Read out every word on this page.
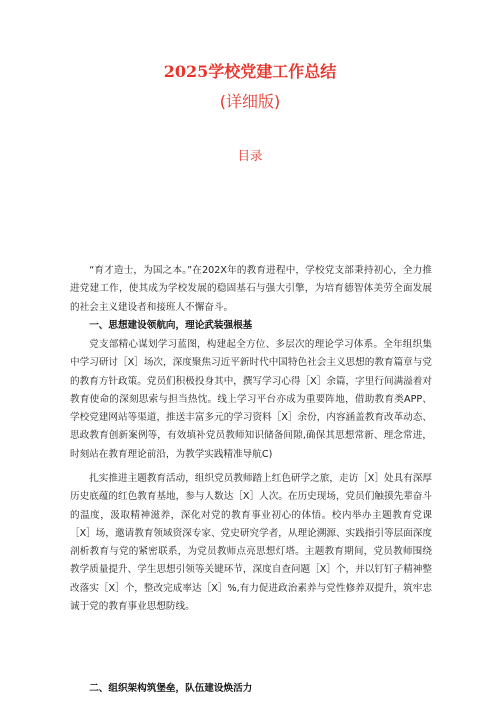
2025学校党建工作总结
(详细版)
目录

“育才造士，为国之本。”在202X年的教育进程中，学校党支部秉持初心，全力推进党建工作，使其成为学校发展的稳固基石与强大引擎，为培育德智体美劳全面发展的社会主义建设者和接班人不懈奋斗。

一、思想建设领航向，理论武装强根基

党支部精心谋划学习蓝图，构建起全方位、多层次的理论学习体系。全年组织集中学习研讨［X］场次，深度聚焦习近平新时代中国特色社会主义思想的教育篇章与党的教育方针政策。党员们积极投身其中，撰写学习心得［X］余篇，字里行间满溢着对教育使命的深刻思索与担当热忱。线上学习平台亦成为重要阵地，借助教育类APP、学校党建网站等渠道，推送丰富多元的学习资料［X］余份，内容涵盖教育改革动态、思政教育创新案例等，有效填补党员教师知识储备间隙,确保其思想常新、理念常进，时刻站在教育理论前沿，为教学实践精准导航C)

扎实推进主题教育活动，组织党员教师踏上红色研学之旅，走访［X］处具有深厚历史底蕴的红色教育基地，参与人数达［X］人次。在历史现场，党员们触摸先辈奋斗的温度，汲取精神滋养，深化对党的教育事业初心的体悟。校内举办主题教育党课［X］场，邀请教育领域资深专家、党史研究学者，从理论溯源、实践指引等层面深度剖析教育与党的紧密联系，为党员教师点亮思想灯塔。主题教育期间，党员教师围绕教学质量提升、学生思想引领等关键环节，深度自查问题［X］个，并以钉钉子精神整改落实［X］个，整改完成率达［X］%,有力促进政治素养与党性修养双提升，筑牢忠诚于党的教育事业思想防线。

二、组织架构筑堡垒，队伍建设焕活力
